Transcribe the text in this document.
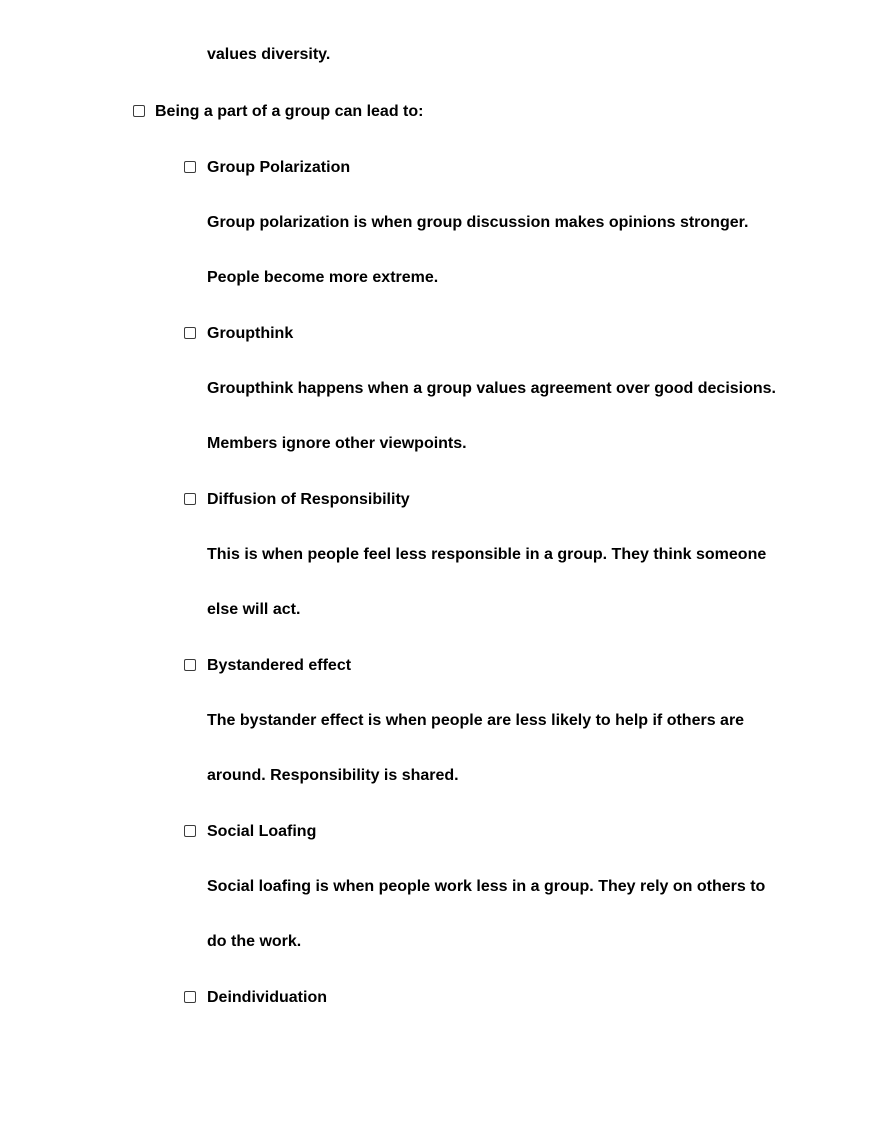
values diversity.
Being a part of a group can lead to:
Group Polarization
Group polarization is when group discussion makes opinions stronger.
People become more extreme.
Groupthink
Groupthink happens when a group values agreement over good decisions.
Members ignore other viewpoints.
Diffusion of Responsibility
This is when people feel less responsible in a group. They think someone
else will act.
Bystandered effect
The bystander effect is when people are less likely to help if others are
around. Responsibility is shared.
Social Loafing
Social loafing is when people work less in a group. They rely on others to
do the work.
Deindividuation
